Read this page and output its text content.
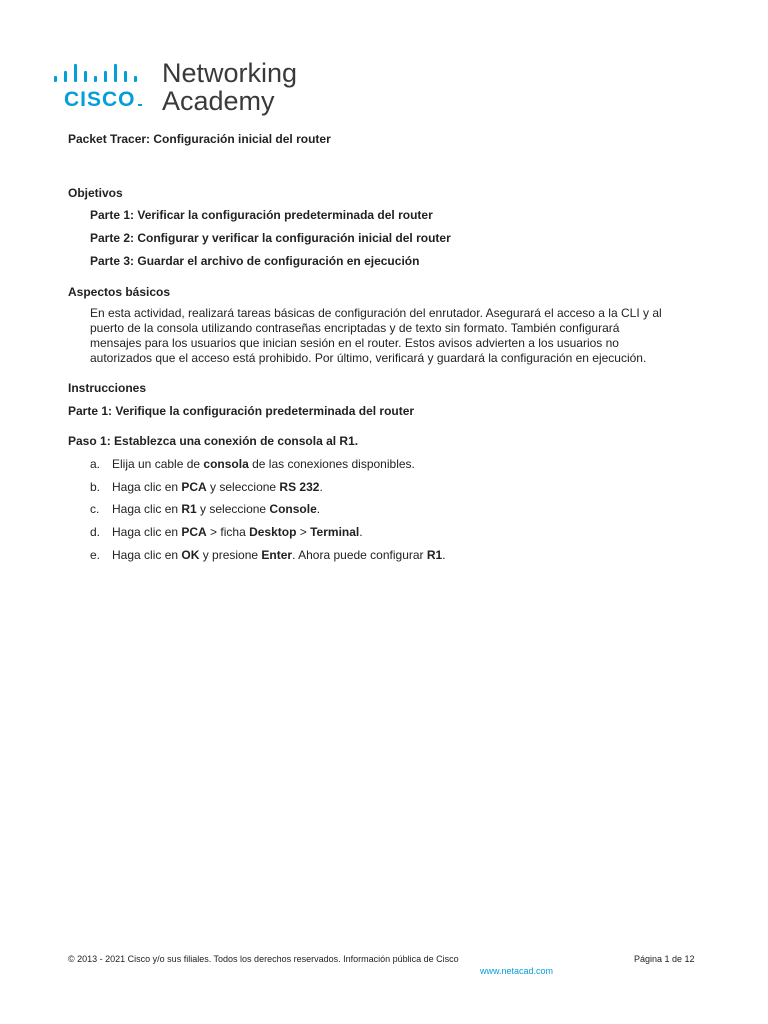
CISCO
Networking
Academy
Packet Tracer: Configuración inicial del router
Objetivos
Parte 1: Verificar la configuración predeterminada del router
Parte 2: Configurar y verificar la configuración inicial del router
Parte 3: Guardar el archivo de configuración en ejecución
Aspectos básicos
En esta actividad, realizará tareas básicas de configuración del enrutador. Asegurará el acceso a la CLI y al
puerto de la consola utilizando contraseñas encriptadas y de texto sin formato. También configurará
mensajes para los usuarios que inician sesión en el router. Estos avisos advierten a los usuarios no
autorizados que el acceso está prohibido. Por último, verificará y guardará la configuración en ejecución.
Instrucciones
Parte 1: Verifique la configuración predeterminada del router
Paso 1: Establezca una conexión de consola al R1.
a. Elija un cable de consola de las conexiones disponibles.
b. Haga clic en PCA y seleccione RS 232.
c. Haga clic en R1 y seleccione Console.
d. Haga clic en PCA > ficha Desktop > Terminal.
e. Haga clic en OK y presione Enter. Ahora puede configurar R1.
© 2013 - 2021 Cisco y/o sus filiales. Todos los derechos reservados. Información pública de Cisco	Página 1 de 12
www.netacad.com
